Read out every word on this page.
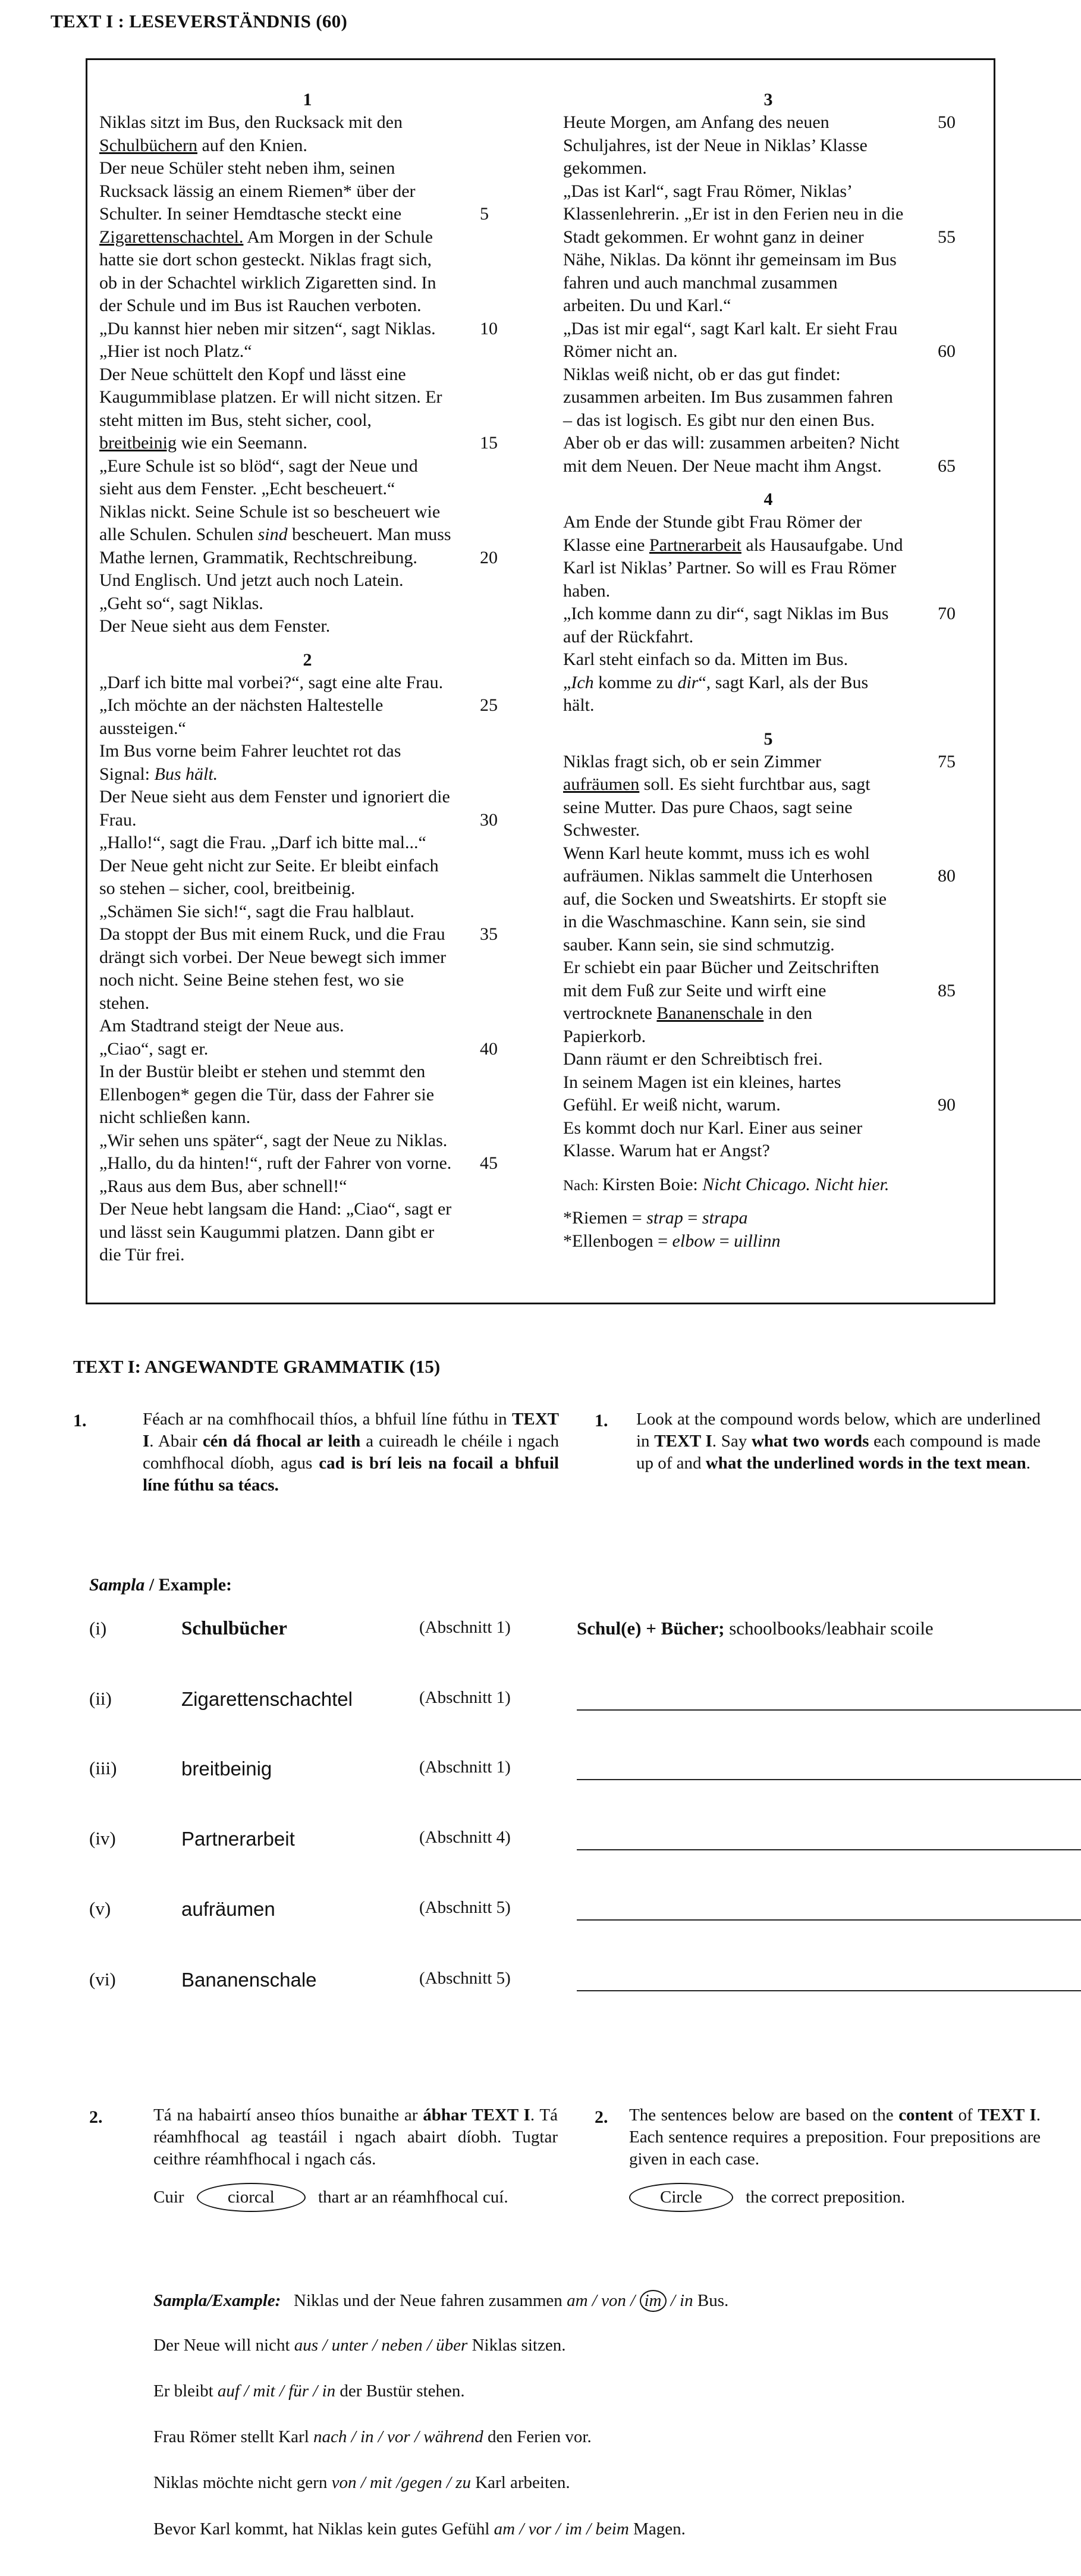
TEXT I : LESEVERSTÄNDNIS (60)
1
Niklas sitzt im Bus, den Rucksack mit den
Schulbüchern auf den Knien.
Der neue Schüler steht neben ihm, seinen
Rucksack lässig an einem Riemen* über der
Schulter. In seiner Hemdtasche steckt eine	5
Zigarettenschachtel. Am Morgen in der Schule
hatte sie dort schon gesteckt. Niklas fragt sich,
ob in der Schachtel wirklich Zigaretten sind. In
der Schule und im Bus ist Rauchen verboten.
„Du kannst hier neben mir sitzen“, sagt Niklas. 10
„Hier ist noch Platz.“
Der Neue schüttelt den Kopf und lässt eine
Kaugummiblase platzen. Er will nicht sitzen. Er
steht mitten im Bus, steht sicher, cool,
breitbeinig wie ein Seemann.	15
„Eure Schule ist so blöd“, sagt der Neue und
sieht aus dem Fenster. „Echt bescheuert.“
Niklas nickt. Seine Schule ist so bescheuert wie
alle Schulen. Schulen sind bescheuert. Man muss
Mathe lernen, Grammatik, Rechtschreibung.	20
Und Englisch. Und jetzt auch noch Latein.
„Geht so“, sagt Niklas.
Der Neue sieht aus dem Fenster.
2
„Darf ich bitte mal vorbei?“, sagt eine alte Frau.
„Ich möchte an der nächsten Haltestelle	25
aussteigen.“
Im Bus vorne beim Fahrer leuchtet rot das
Signal: Bus hält.
Der Neue sieht aus dem Fenster und ignoriert die
Frau.	30
„Hallo!“, sagt die Frau. „Darf ich bitte mal...“
Der Neue geht nicht zur Seite. Er bleibt einfach
so stehen – sicher, cool, breitbeinig.
„Schämen Sie sich!“, sagt die Frau halblaut.
Da stoppt der Bus mit einem Ruck, und die Frau 35
drängt sich vorbei. Der Neue bewegt sich immer
noch nicht. Seine Beine stehen fest, wo sie
stehen.
Am Stadtrand steigt der Neue aus.
„Ciao“, sagt er.	40
In der Bustür bleibt er stehen und stemmt den
Ellenbogen* gegen die Tür, dass der Fahrer sie
nicht schließen kann.
„Wir sehen uns später“, sagt der Neue zu Niklas.
„Hallo, du da hinten!“, ruft der Fahrer von vorne. 45
„Raus aus dem Bus, aber schnell!“
Der Neue hebt langsam die Hand: „Ciao“, sagt er
und lässt sein Kaugummi platzen. Dann gibt er
die Tür frei.
3
Heute Morgen, am Anfang des neuen	50
Schuljahres, ist der Neue in Niklas’ Klasse
gekommen.
„Das ist Karl“, sagt Frau Römer, Niklas’
Klassenlehrerin. „Er ist in den Ferien neu in die
Stadt gekommen. Er wohnt ganz in deiner	55
Nähe, Niklas. Da könnt ihr gemeinsam im Bus
fahren und auch manchmal zusammen
arbeiten. Du und Karl.“
„Das ist mir egal“, sagt Karl kalt. Er sieht Frau
Römer nicht an.	60
Niklas weiß nicht, ob er das gut findet:
zusammen arbeiten. Im Bus zusammen fahren
– das ist logisch. Es gibt nur den einen Bus.
Aber ob er das will: zusammen arbeiten? Nicht
mit dem Neuen. Der Neue macht ihm Angst.	65
4
Am Ende der Stunde gibt Frau Römer der
Klasse eine Partnerarbeit als Hausaufgabe. Und
Karl ist Niklas’ Partner. So will es Frau Römer
haben.
„Ich komme dann zu dir“, sagt Niklas im Bus	70
auf der Rückfahrt.
Karl steht einfach so da. Mitten im Bus.
„Ich komme zu dir“, sagt Karl, als der Bus
hält.
5
Niklas fragt sich, ob er sein Zimmer	75
aufräumen soll. Es sieht furchtbar aus, sagt
seine Mutter. Das pure Chaos, sagt seine
Schwester.
Wenn Karl heute kommt, muss ich es wohl
aufräumen. Niklas sammelt die Unterhosen	80
auf, die Socken und Sweatshirts. Er stopft sie
in die Waschmaschine. Kann sein, sie sind
sauber. Kann sein, sie sind schmutzig.
Er schiebt ein paar Bücher und Zeitschriften
mit dem Fuß zur Seite und wirft eine	85
vertrocknete Bananenschale in den
Papierkorb.
Dann räumt er den Schreibtisch frei.
In seinem Magen ist ein kleines, hartes
Gefühl. Er weiß nicht, warum.	90
Es kommt doch nur Karl. Einer aus seiner
Klasse. Warum hat er Angst?
Nach: Kirsten Boie: Nicht Chicago. Nicht hier.
*Riemen = strap = strapa
*Ellenbogen = elbow = uillinn
TEXT I: ANGEWANDTE GRAMMATIK (15)
1.	Féach ar na comhfhocail thíos, a bhfuil líne fúthu in TEXT I. Abair cén dá fhocal ar leith a cuireadh le chéile i ngach comhfhocal díobh, agus cad is brí leis na focail a bhfuil líne fúthu sa téacs.
1. Look at the compound words below, which are underlined in TEXT I. Say what two words each compound is made up of and what the underlined words in the text mean.
Sampla / Example:
(i)	Schulbücher	(Abschnitt 1)	Schul(e) + Bücher; schoolbooks/leabhair scoile
(ii)	Zigarettenschachtel	(Abschnitt 1)
(iii)	breitbeinig	(Abschnitt 1)
(iv)	Partnerarbeit	(Abschnitt 4)
(v)	aufräumen	(Abschnitt 5)
(vi)	Bananenschale	(Abschnitt 5)
2.	Tá na habairtí anseo thíos bunaithe ar ábhar TEXT I. Tá réamhfhocal ag teastáil i ngach abairt díobh. Tugtar ceithre réamhfhocal i ngach cás.
2. The sentences below are based on the content of TEXT I. Each sentence requires a preposition. Four prepositions are given in each case.
Cuir	ciorcal	thart ar an réamhfhocal cuí.	Circle	the correct preposition.
Sampla/Example: Niklas und der Neue fahren zusammen am / von / im / in Bus.
Der Neue will nicht aus / unter / neben / über Niklas sitzen.
Er bleibt auf / mit / für / in der Bustür stehen.
Frau Römer stellt Karl nach / in / vor / während den Ferien vor.
Niklas möchte nicht gern von / mit /gegen / zu Karl arbeiten.
Bevor Karl kommt, hat Niklas kein gutes Gefühl am / vor / im / beim Magen.
